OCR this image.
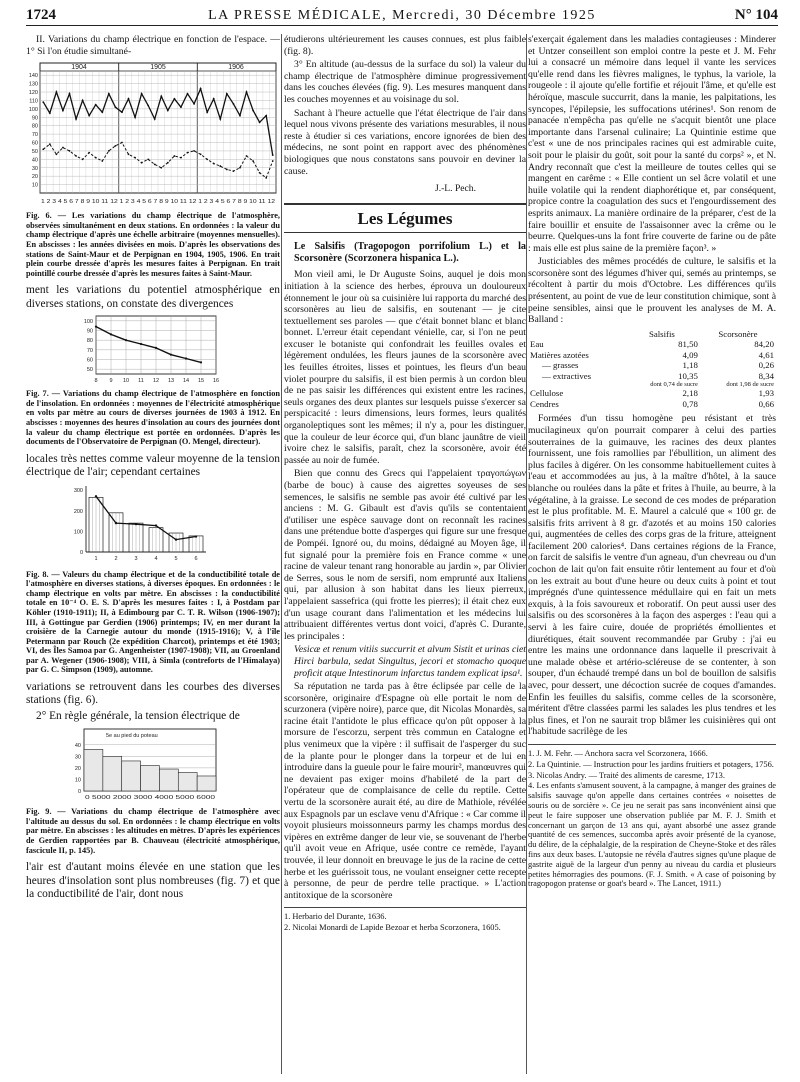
1724	LA PRESSE MÉDICALE, Mercredi, 30 Décembre 1925	N° 104

II. Variations du champ électrique en fonction de l'espace. — 1° Si l'on étudie simultané-

1904	1905	1906
140
130
120
110
100
90
80
70
60
50
40
30
20
10
1 2 3 4 5 6 7 8 9 10 11 12 1 2 3 4 5 6 7 8 9 10 11 12 1 2 3 4 5 6 7 8 9 10 11 12
Fig. 6. — Les variations du champ électrique de l'atmosphère, observées simultanément en deux stations. En ordonnées : la valeur du champ électrique d'après une échelle arbitraire (moyennes mensuelles). En abscisses : les années divisées en mois. D'après les observations des stations de Saint-Maur et de Perpignan en 1904, 1905, 1906. En trait plein courbe dressée d'après les mesures faites à Perpignan. En trait pointillé courbe dressée d'après les mesures faites à Saint-Maur.

ment les variations du potentiel atmosphérique en diverses stations, on constate des divergences

100
90
80
70
60
50
8 9 10 11 12 13 14 15 16
Fig. 7. — Variations du champ électrique de l'atmosphère en fonction de l'insolation. En ordonnées : moyennes de l'électricité atmosphérique en volts par mètre au cours de diverses journées de 1903 à 1912. En abscisses : moyennes des heures d'insolation au cours des journées dont la valeur du champ électrique est portée en ordonnées. D'après les documents de l'Observatoire de Perpignan (O. Mengel, directeur).

locales très nettes comme valeur moyenne de la tension électrique de l'air; cependant certaines

300
200
100
0
1	2	3	4	5	6
Fig. 8. — Valeurs du champ électrique et de la conductibilité totale de l'atmosphère en diverses stations, à diverses époques. En ordonnées : le champ électrique en volts par mètre. En abscisses : la conductibilité totale en 10⁻⁴ O. E. S. D'après les mesures faites : I, à Postdam par Köhler (1910-1911); II, à Edimbourg par C. T. R. Wilson (1906-1907); III, à Gottingue par Gerdien (1906) printemps; IV, en mer durant la croisière de la Carnegie autour du monde (1915-1916); V, à l'île Petermann par Rouch (2e expédition Charcot), printemps et été 1903; VI, des Îles Samoa par G. Angenheister (1907-1908); VII, au Groenland par A. Wegener (1906-1908); VIII, à Simla (contreforts de l'Himalaya) par G. C. Simpson (1909), automne.

variations se retrouvent dans les courbes des diverses stations (fig. 6).

2° En règle générale, la tension électrique de

5e au pied du poteau
40
30
20
10
0
0 5000 2000 3000 4000 5000 6000
Fig. 9. — Variations du champ électrique de l'atmosphère avec l'altitude au dessus du sol. En ordonnées : le champ électrique en volts par mètre. En abscisses : les altitudes en mètres. D'après les expériences de Gerdien rapportées par B. Chauveau (électricité atmosphérique, fascicule II, p. 145).

l'air est d'autant moins élevée en une station que les heures d'insolation sont plus nombreuses (fig. 7) et que la conductibilité de l'air, dont nous

étudierons ultérieurement les causes connues, est plus faible (fig. 8).

3° En altitude (au-dessus de la surface du sol) la valeur du champ électrique de l'atmosphère diminue progressivement dans les couches élevées (fig. 9). Les mesures manquent dans les couches moyennes et au voisinage du sol.

Sachant à l'heure actuelle que l'état électrique de l'air dans lequel nous vivons présente des variations mesurables, il nous reste à étudier si ces variations, encore ignorées de bien des médecins, ne sont point en rapport avec des phénomènes biologiques que nous constatons sans pouvoir en deviner la cause.

J.-L. Pech.
Les Légumes
Le Salsifis (Tragopogon porrifolium L.) et la Scorsonère (Scorzonera hispanica L.).

Mon vieil ami, le Dr Auguste Soins, auquel je dois mon initiation à la science des herbes, éprouva un douloureux étonnement le jour où sa cuisinière lui rapporta du marché des scorsonères au lieu de salsifis, en soutenant — je cite textuellement ses paroles — que c'était bonnet blanc et blanc bonnet. L'erreur était cependant vénielle, car, si l'on ne peut excuser le botaniste qui confondrait les feuilles ovales et légèrement ondulées, les fleurs jaunes de la scorsonère avec les feuilles étroites, lisses et pointues, les fleurs d'un beau violet pourpre du salsifis, il est bien permis à un cordon bleu de ne pas saisir les différences qui existent entre les racines, seuls organes des deux plantes sur lesquels puisse s'exercer sa perspicacité : leurs dimensions, leurs formes, leurs qualités organoleptiques sont les mêmes; il n'y a, pour les distinguer, que la couleur de leur écorce qui, d'un blanc jaunâtre de vieil ivoire chez le salsifis, paraît, chez la scorsonère, avoir été passée au noir de fumée.

Bien que connu des Grecs qui l'appelaient τραγοπώγων (barbe de bouc) à cause des aigrettes soyeuses de ses semences, le salsifis ne semble pas avoir été cultivé par les anciens : M. G. Gibault est d'avis qu'ils se contentaient d'utiliser une espèce sauvage dont on reconnaît les racines dans une prétendue botte d'asperges qui figure sur une fresque de Pompéi. Ignoré ou, du moins, dédaigné au Moyen âge, il fut signalé pour la première fois en France comme « une racine de valeur tenant rang honorable au jardin », par Olivier de Serres, sous le nom de sersifi, nom emprunté aux Italiens qui, par allusion à son habitat dans les lieux pierreux, l'appelaient sassefrica (qui frotte les pierres); il était chez eux d'un usage courant dans l'alimentation et les médecins lui attribuaient différentes vertus dont voici, d'après C. Durante, les principales :

Vesicæ et renum vitiis succurrit et alvum Sistit et urinas ciet Hirci barbula, sedat Singultus, jecori et stomacho quoque proficit atque Intestinorum infarctus tandem explicat ipsa¹.

Sa réputation ne tarda pas à être éclipsée par celle de la scorsonère, originaire d'Espagne où elle portait le nom de scurzonera (vipère noire), parce que, dit Nicolas Monardès, sa racine était l'antidote le plus efficace qu'on pût opposer à la morsure de l'escorzu, serpent très commun en Catalogne et plus venimeux que la vipère : il suffisait de l'asperger du suc de la plante pour le plonger dans la torpeur et de lui en introduire dans la gueule pour le faire mourir², manœuvres qui ne devaient pas exiger moins d'habileté de la part de l'opérateur que de complaisance de celle du reptile. Cette vertu de la scorsonère aurait été, au dire de Mathiole, révélée aux Espagnols par un esclave venu d'Afrique : « Car comme il voyoit plusieurs moissonneurs parmy les champs mordus des vipères en extrême danger de leur vie, se souvenant de l'herbe qu'il avoit veue en Afrique, usée contre ce remède, l'ayant trouvée, il leur donnoit en breuvage le jus de la racine de cette herbe et les guérissoit tous, ne voulant enseigner cette recepte à personne, de peur de perdre telle practique. » L'action antitoxique de la scorsonère

1. Herbario del Durante, 1636.
2. Nicolai Monardi de Lapide Bezoar et herba Scorzonera, 1605.

s'exerçait également dans les maladies contagieuses : Minderer et Untzer conseillent son emploi contre la peste et J. M. Fehr lui a consacré un mémoire dans lequel il vante les services qu'elle rend dans les fièvres malignes, le typhus, la variole, la rougeole : il ajoute qu'elle fortifie et réjouit l'âme, et qu'elle est héroïque, mascule succurrit, dans la manie, les palpitations, les syncopes, l'épilepsie, les suffocations utérines¹. Son renom de panacée n'empêcha pas qu'elle ne s'acquit bientôt une place importante dans l'arsenal culinaire; La Quintinie estime que c'est « une de nos principales racines qui est admirable cuite, soit pour le plaisir du goût, soit pour la santé du corps² », et N. Andry reconnaît que c'est la meilleure de toutes celles qui se mangent en carême : « Elle contient un sel âcre volatil et une huile volatile qui la rendent diaphorétique et, par conséquent, propice contre la coagulation des sucs et l'engourdissement des esprits animaux. La manière ordinaire de la préparer, c'est de la faire bouillir et ensuite de l'assaisonner avec la crême ou le beurre. Quelques-uns la font frire couverte de farine ou de pâte : mais elle est plus saine de la première façon³. »

Justiciables des mêmes procédés de culture, le salsifis et la scorsonère sont des légumes d'hiver qui, semés au printemps, se récoltent à partir du mois d'Octobre. Les différences qu'ils présentent, au point de vue de leur constitution chimique, sont à peine sensibles, ainsi que le prouvent les analyses de M. A. Balland :

	Salsifis	Scorsonère
Eau	81,50	84,20
Matières azotées	4,09	4,61
— grasses	1,18	0,26
— extractives	10,35	8,34
	dont 0,74 de sucre	dont 1,98 de sucre
Cellulose	2,18	1,93
Cendres	0,78	0,66

Formées d'un tissu homogène peu résistant et très mucilagineux qu'on pourrait comparer à celui des parties souterraines de la guimauve, les racines des deux plantes fournissent, une fois ramollies par l'ébullition, un aliment des plus faciles à digérer. On les consomme habituellement cuites à l'eau et accommodées au jus, à la maître d'hôtel, à la sauce blanche ou roulées dans la pâte et frites à l'huile, au beurre, à la végétaline, à la graisse. Le second de ces modes de préparation est le plus profitable. M. E. Maurel a calculé que « 100 gr. de salsifis frits arrivent à 8 gr. d'azotés et au moins 150 calories qui, augmentées de celles des corps gras de la friture, atteignent facilement 200 calories⁴. Dans certaines régions de la France, on farcit de salsifis le ventre d'un agneau, d'un chevreau ou d'un cochon de lait qu'on fait ensuite rôtir lentement au four et d'où on les extrait au bout d'une heure ou deux cuits à point et tout imprégnés d'une quintessence médullaire qui en fait un mets exquis, à la fois savoureux et roboratif. On peut aussi user des salsifis ou des scorsonères à la façon des asperges : l'eau qui a servi à les faire cuire, douée de propriétés émollientes et diurétiques, était souvent recommandée par Gruby : j'ai eu entre les mains une ordonnance dans laquelle il prescrivait à une malade obèse et artério-scléreuse de se contenter, à son souper, d'un échaudé trempé dans un bol de bouillon de salsifis avec, pour dessert, une décoction sucrée de coques d'amandes. Enfin les feuilles du salsifis, comme celles de la scorsonère, méritent d'être classées parmi les salades les plus tendres et les plus fines, et l'on ne saurait trop blâmer les cuisinières qui ont l'habitude sacrilège de les

1. J. M. Fehr. — Anchora sacra vel Scorzonera, 1666.
2. La Quintinie. — Instruction pour les jardins fruitiers et potagers, 1756.
3. Nicolas Andry. — Traité des aliments de caresme, 1713.
4. Les enfants s'amusent souvent, à la campagne, à manger des graines de salsifis sauvage qu'on appelle dans certaines contrées « noisettes de souris ou de sorcière ». Ce jeu ne serait pas sans inconvénient ainsi que peut le faire supposer une observation publiée par M. F. J. Smith et concernant un garçon de 13 ans qui, ayant absorbé une assez grande quantité de ces semences, succomba après avoir présenté de la cyanose, du délire, de la céphalalgie, de la respiration de Cheyne-Stoke et des râles fins aux deux bases. L'autopsie ne révéla d'autres signes qu'une plaque de gastrite aiguë de la largeur d'un penny au niveau du cardia et plusieurs petites hémorragies des poumons. (F. J. Smith. « A case of poisoning by tragopogon pratense or goat's beard ». The Lancet, 1911.)
